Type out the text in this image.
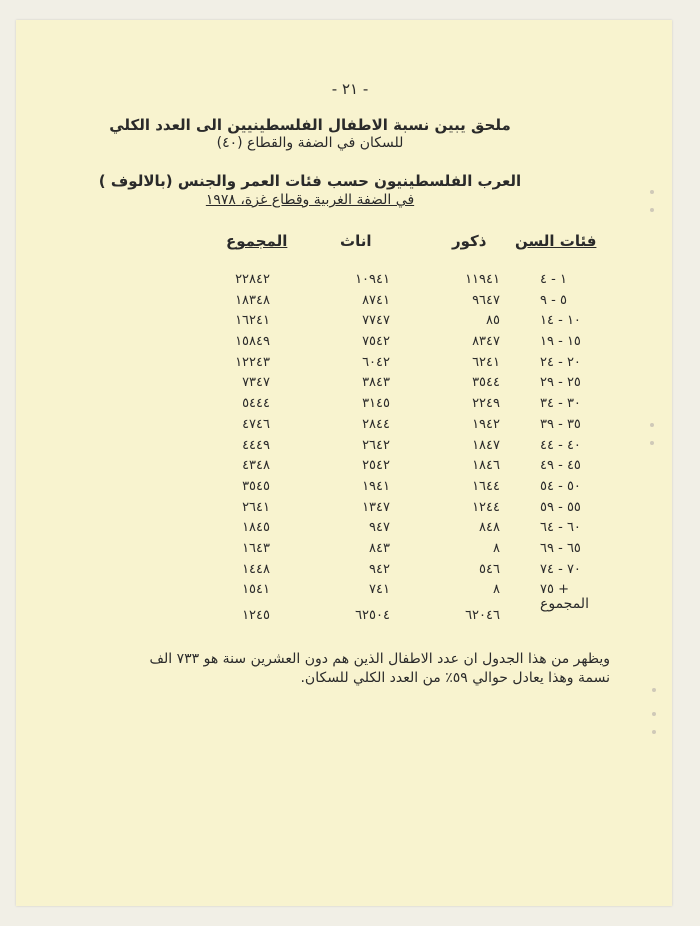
- ٢١ -
ملحق يبين نسبة الاطفال الفلسطينيين الى العدد الكلي
للسكان في الضفة والقطاع (٤٠)
العرب الفلسطينيون حسب فئات العمر والجنس (بالالوف )
في الضفة الغربية وقطاع غزة، ١٩٧٨
فئات السن
ذكور
اناث
المجموع
١ - ٤
١١٩٤١
١٠٩٤١
٢٢٨٤٢
٥ - ٩
٩٦٤٧
٨٧٤١
١٨٣٤٨
١٠ - ١٤
٨٥
٧٧٤٧
١٦٢٤١
١٥ - ١٩
٨٣٤٧
٧٥٤٢
١٥٨٤٩
٢٠ - ٢٤
٦٢٤١
٦٠٤٢
١٢٢٤٣
٢٥ - ٢٩
٣٥٤٤
٣٨٤٣
٧٣٤٧
٣٠ - ٣٤
٢٢٤٩
٣١٤٥
٥٤٤٤
٣٥ - ٣٩
١٩٤٢
٢٨٤٤
٤٧٤٦
٤٠ - ٤٤
١٨٤٧
٢٦٤٢
٤٤٤٩
٤٥ - ٤٩
١٨٤٦
٢٥٤٢
٤٣٤٨
٥٠ - ٥٤
١٦٤٤
١٩٤١
٣٥٤٥
٥٥ - ٥٩
١٢٤٤
١٣٤٧
٢٦٤١
٦٠ - ٦٤
٨٤٨
٩٤٧
١٨٤٥
٦٥ - ٦٩
٨
٨٤٣
١٦٤٣
٧٠ - ٧٤
٥٤٦
٩٤٢
١٤٤٨
٧٥ +
٨
٧٤١
١٥٤١
المجموع
٦٢٠٤٦
٦٢٥٠٤
١٢٤٥
ويظهر من هذا الجدول ان عدد الاطفال الذين هم دون العشرين سنة هو ٧٣٣ الف
نسمة وهذا يعادل حوالي ٥٩٪ من العدد الكلي للسكان.
